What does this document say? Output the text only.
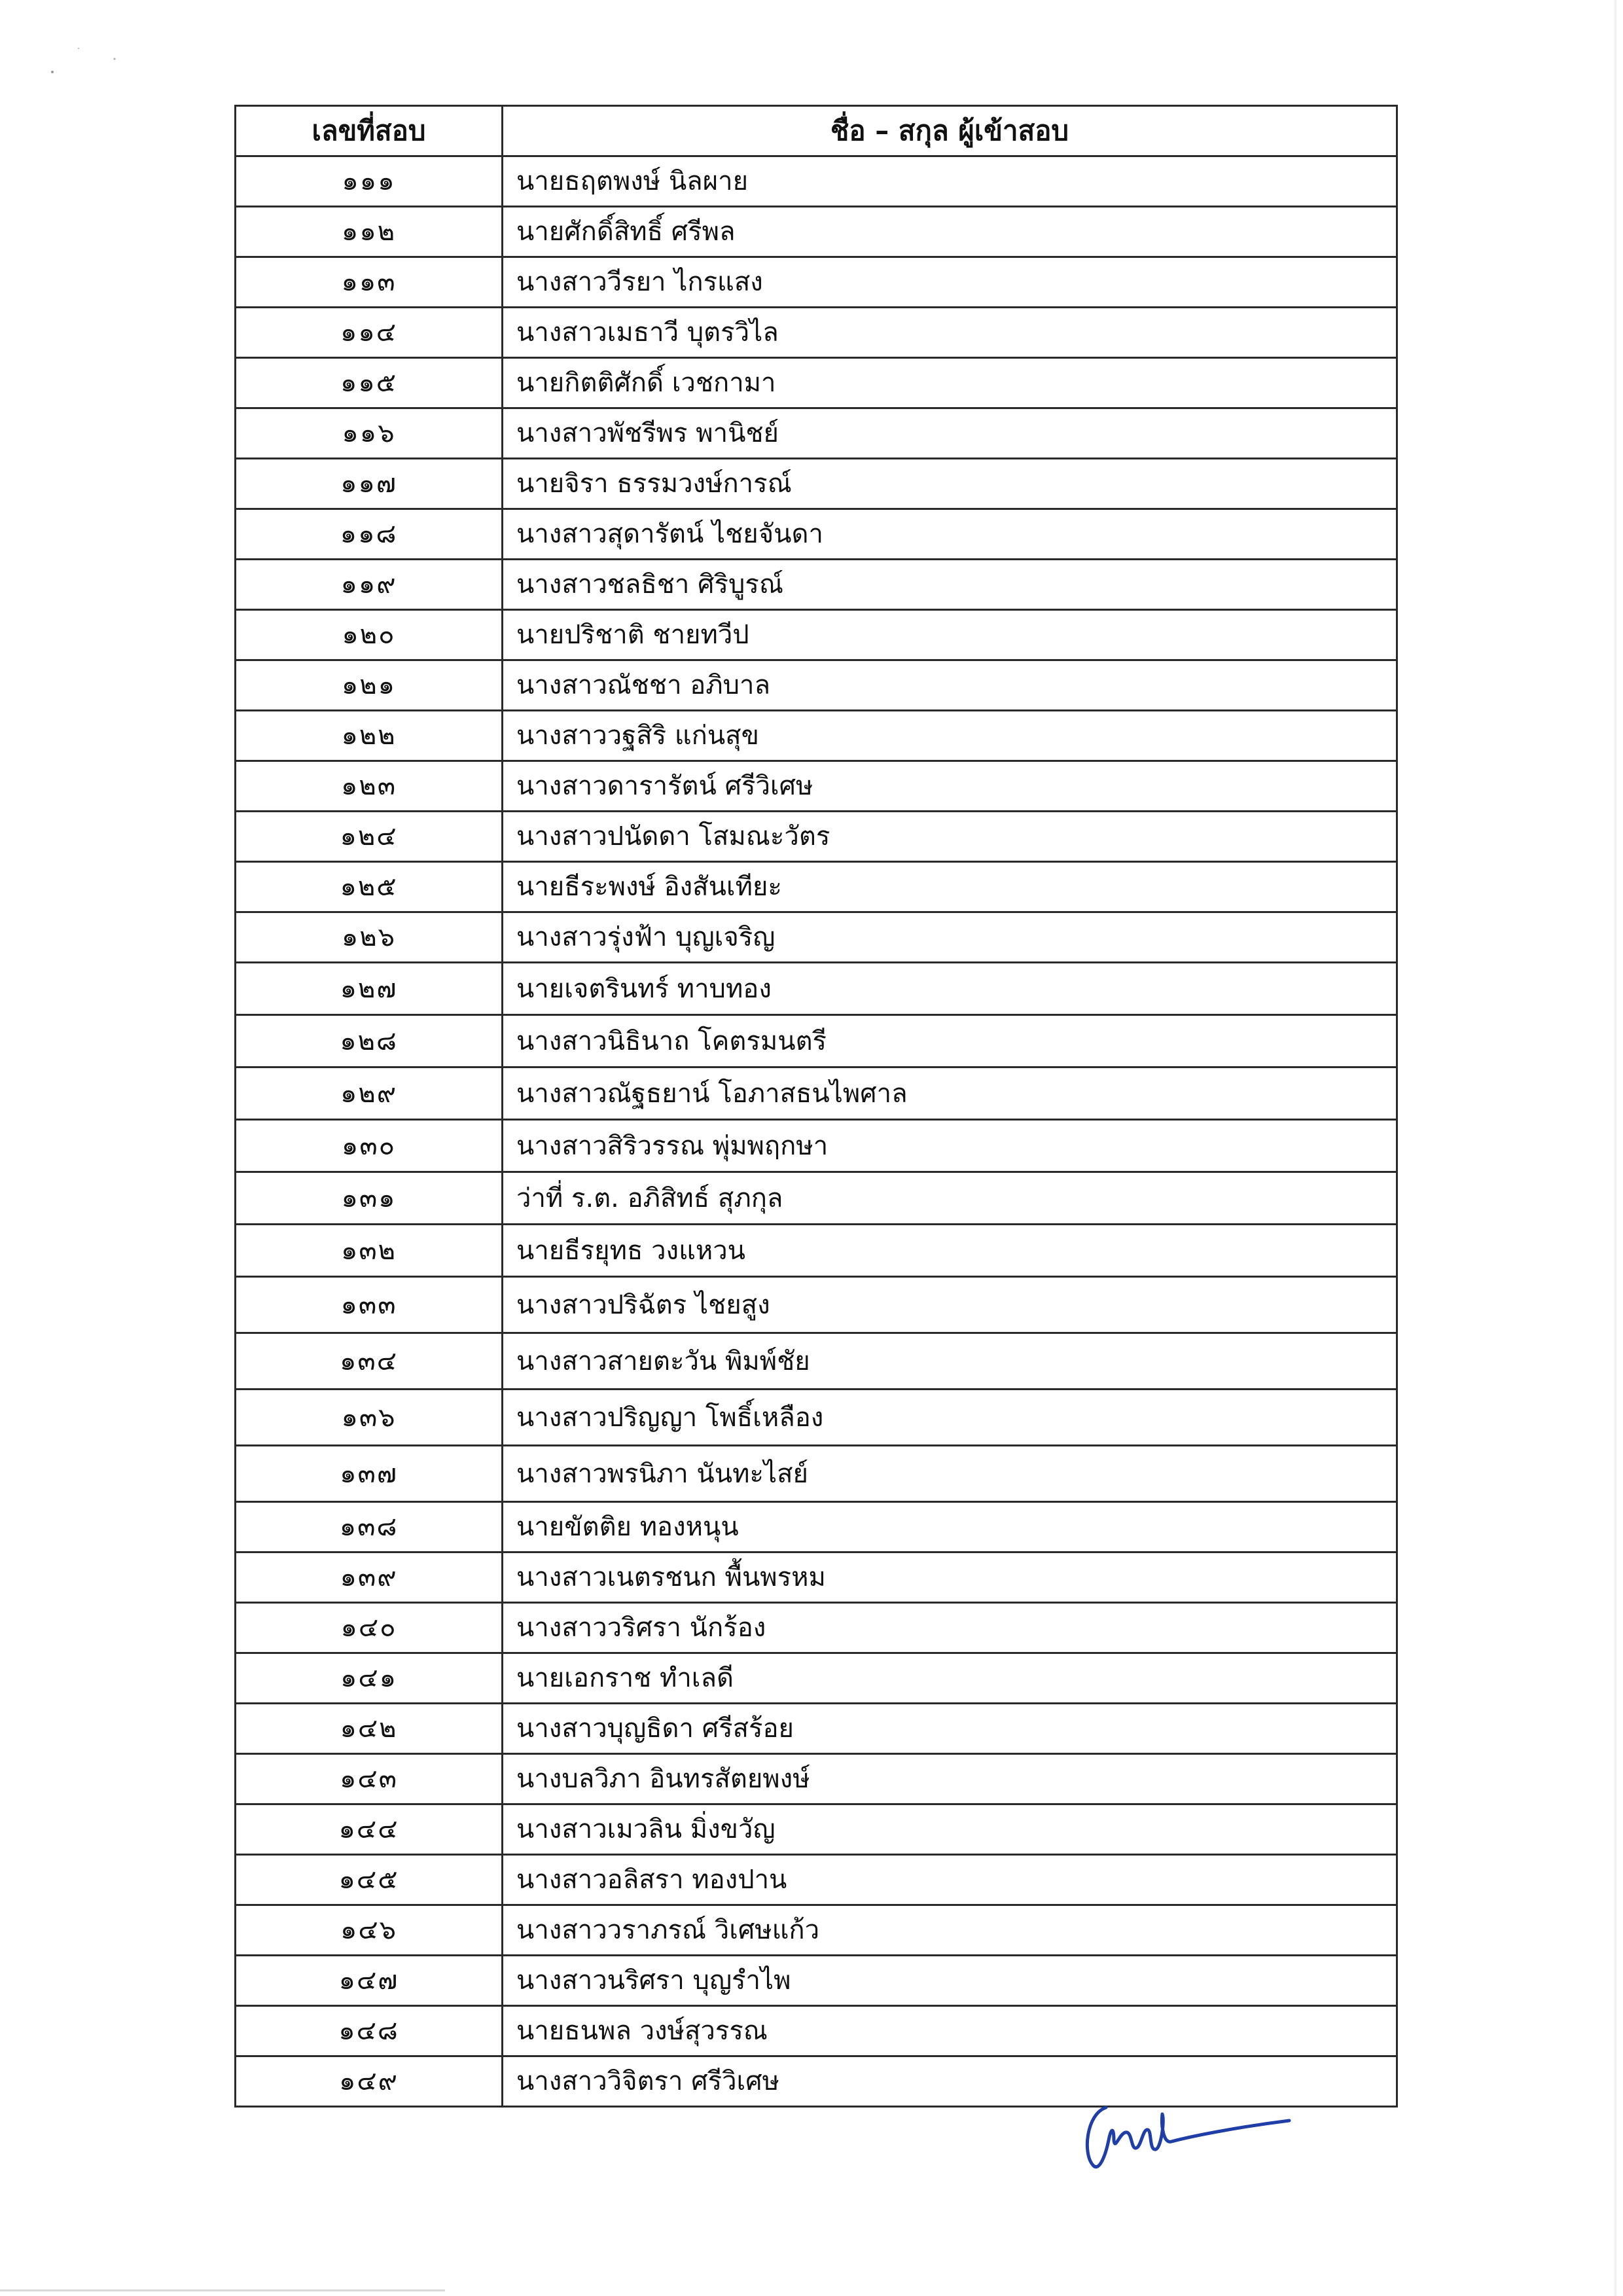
เลขที่สอบ	ชื่อ – สกุล ผู้เข้าสอบ
๑๑๑	นายธฤตพงษ์ นิลผาย
๑๑๒	นายศักดิ์สิทธิ์ ศรีพล
๑๑๓	นางสาววีรยา ไกรแสง
๑๑๔	นางสาวเมธาวี บุตรวิไล
๑๑๕	นายกิตติศักดิ์ เวชกามา
๑๑๖	นางสาวพัชรีพร พานิชย์
๑๑๗	นายจิรา ธรรมวงษ์การณ์
๑๑๘	นางสาวสุดารัตน์ ไชยจันดา
๑๑๙	นางสาวชลธิชา ศิริบูรณ์
๑๒๐	นายปริชาติ ชายทวีป
๑๒๑	นางสาวณัชชา อภิบาล
๑๒๒	นางสาววฐสิริ แก่นสุข
๑๒๓	นางสาวดารารัตน์ ศรีวิเศษ
๑๒๔	นางสาวปนัดดา โสมณะวัตร
๑๒๕	นายธีระพงษ์ อิงสันเทียะ
๑๒๖	นางสาวรุ่งฟ้า บุญเจริญ
๑๒๗	นายเจตรินทร์ ทาบทอง
๑๒๘	นางสาวนิธินาถ โคตรมนตรี
๑๒๙	นางสาวณัฐธยาน์ โอภาสธนไพศาล
๑๓๐	นางสาวสิริวรรณ พุ่มพฤกษา
๑๓๑	ว่าที่ ร.ต. อภิสิทธ์ สุภกุล
๑๓๒	นายธีรยุทธ วงแหวน
๑๓๓	นางสาวปริฉัตร ไชยสูง
๑๓๔	นางสาวสายตะวัน พิมพ์ชัย
๑๓๖	นางสาวปริญญา โพธิ์เหลือง
๑๓๗	นางสาวพรนิภา นันทะไสย์
๑๓๘	นายขัตติย ทองหนุน
๑๓๙	นางสาวเนตรชนก พื้นพรหม
๑๔๐	นางสาววริศรา นักร้อง
๑๔๑	นายเอกราช ทำเลดี
๑๔๒	นางสาวบุญธิดา ศรีสร้อย
๑๔๓	นางบลวิภา อินทรสัตยพงษ์
๑๔๔	นางสาวเมวลิน มิ่งขวัญ
๑๔๕	นางสาวอลิสรา ทองปาน
๑๔๖	นางสาววราภรณ์ วิเศษแก้ว
๑๔๗	นางสาวนริศรา บุญรำไพ
๑๔๘	นายธนพล วงษ์สุวรรณ
๑๔๙	นางสาววิจิตรา ศรีวิเศษ
